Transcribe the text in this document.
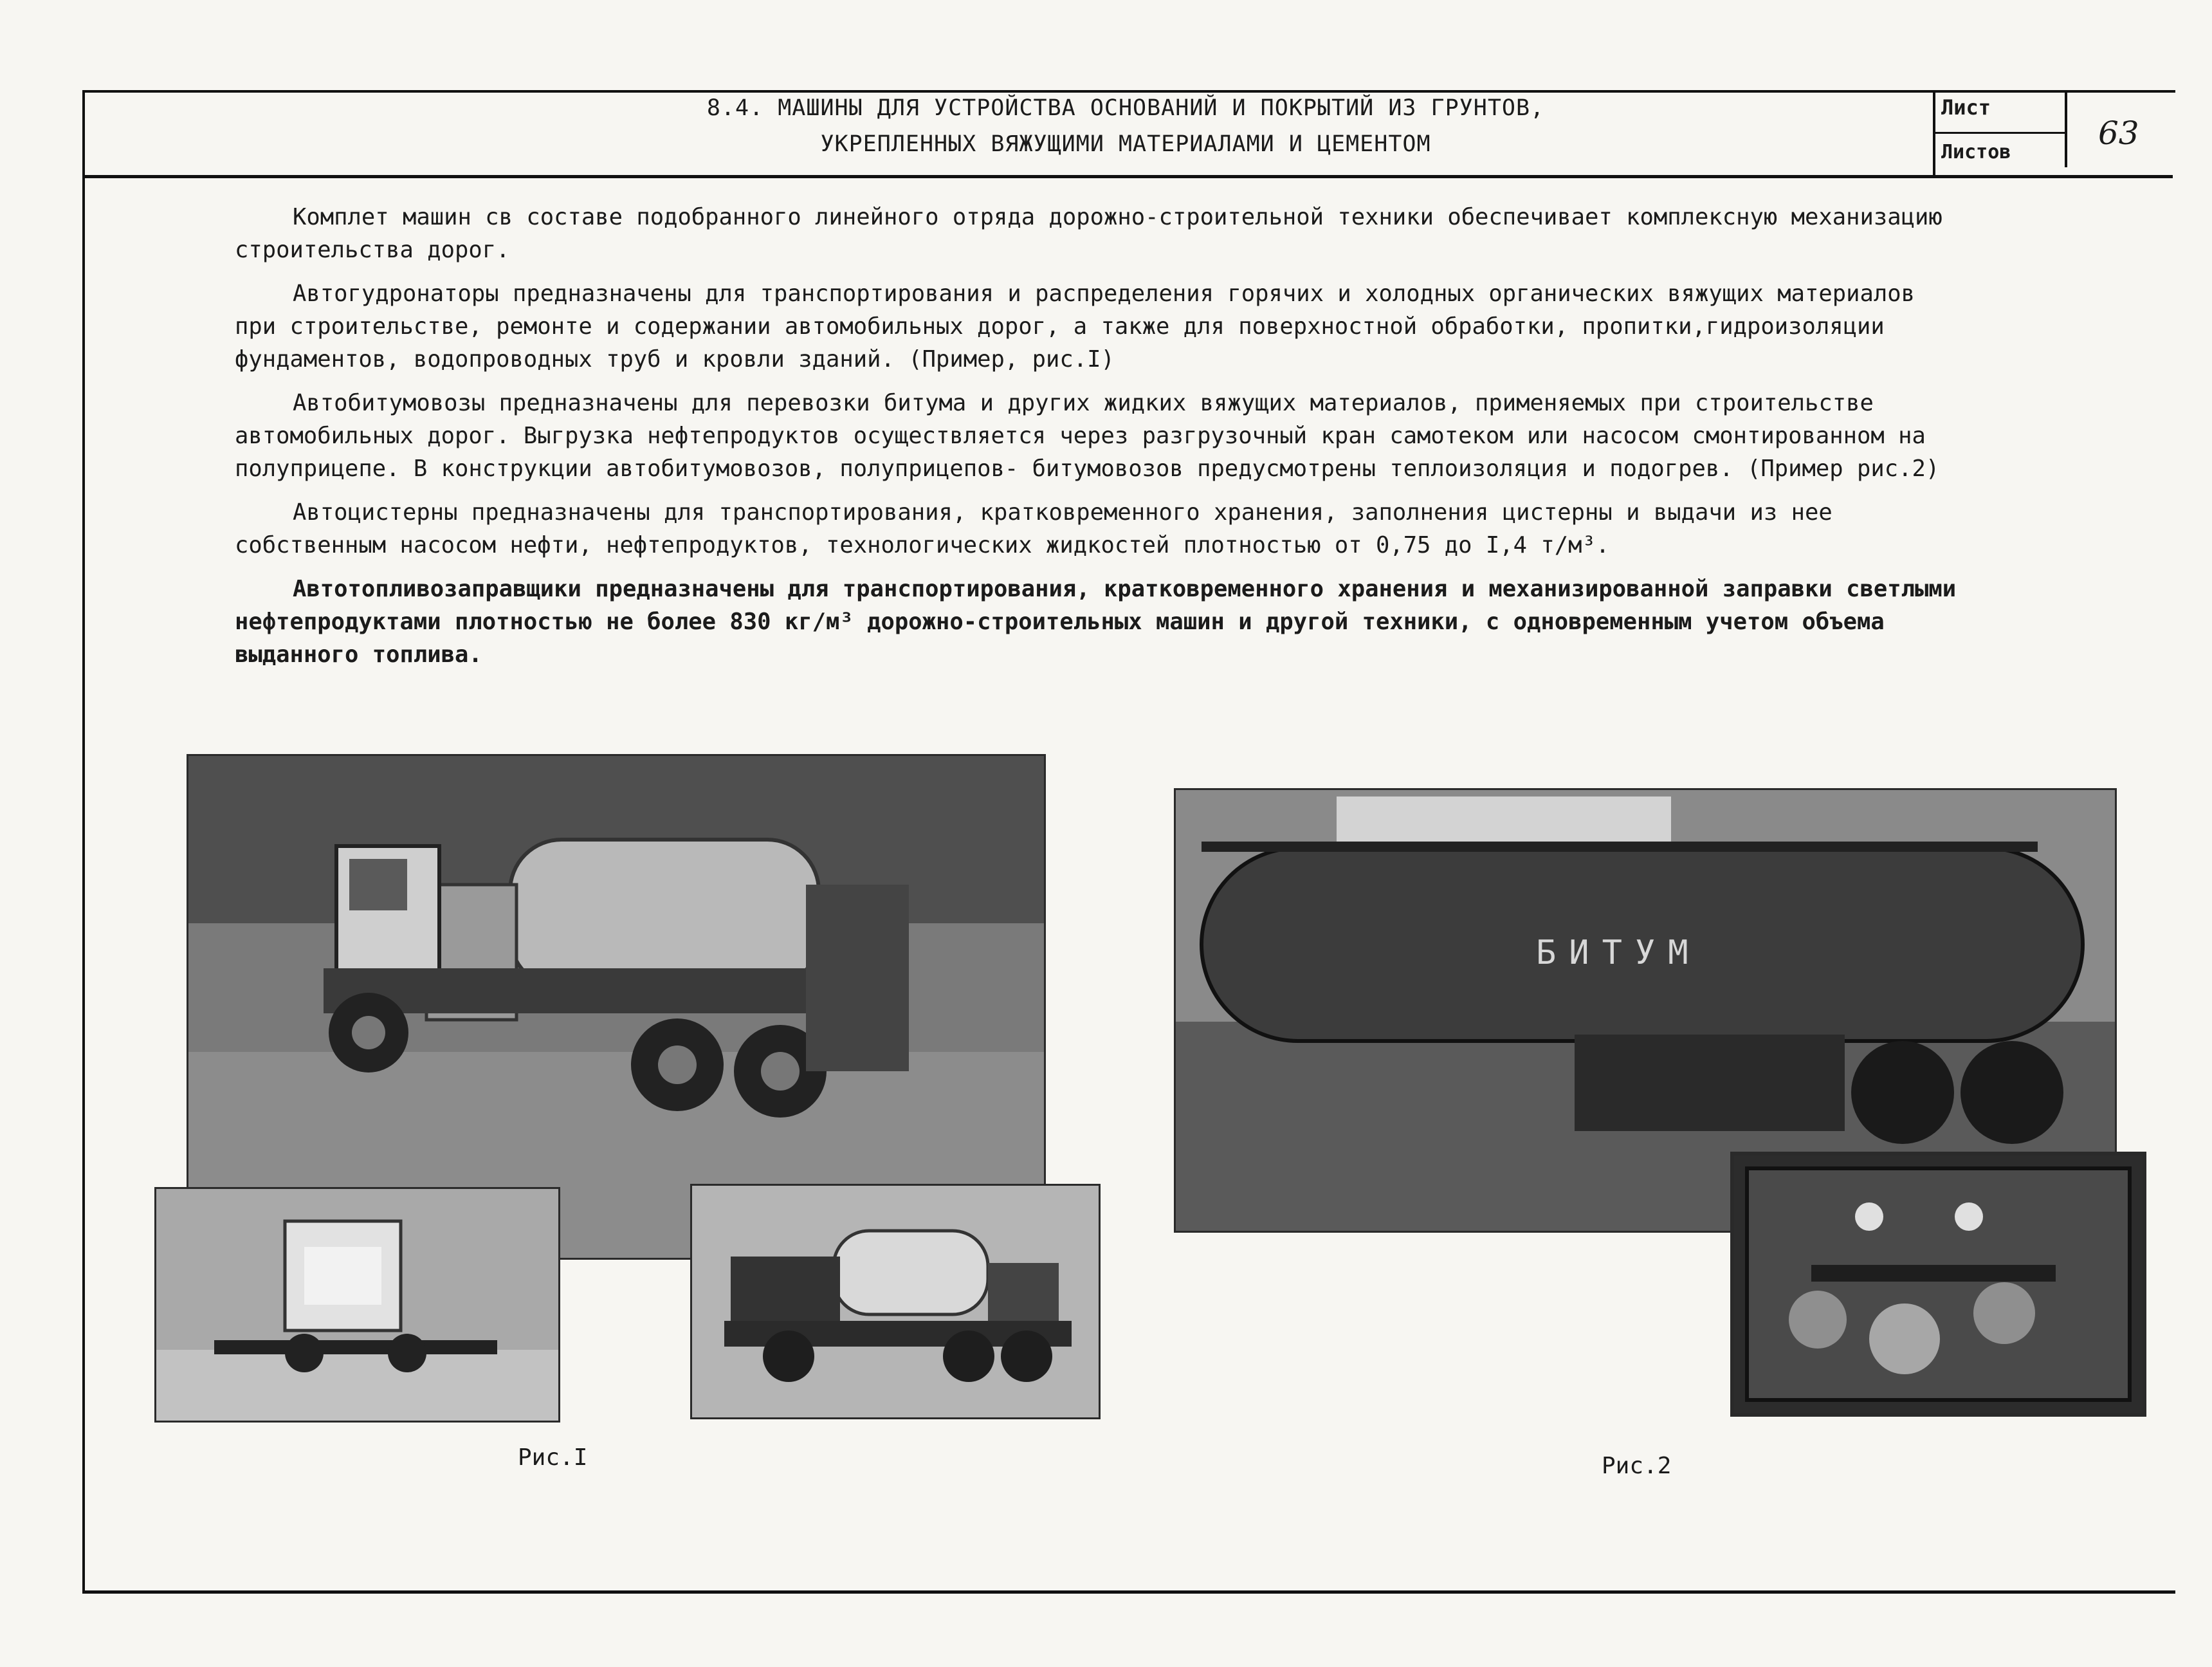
8.4. МАШИНЫ ДЛЯ УСТРОЙСТВА ОСНОВАНИЙ И ПОКРЫТИЙ ИЗ ГРУНТОВ,
УКРЕПЛЕННЫХ ВЯЖУЩИМИ МАТЕРИАЛАМИ И ЦЕМЕНТОМ
Лист
Листов
63

Комплет машин св составе подобранного линейного отряда дорожно-строительной техники обеспечивает комплексную механизацию строительства дорог.

Автогудронаторы предназначены для транспортирования и распределения горячих и холодных органических вяжущих материалов при строительстве, ремонте и содержании автомобильных дорог, а также для поверхностной обработки, пропитки,гидроизоляции фундаментов, водопроводных труб и кровли зданий. (Пример, рис.I)

Автобитумовозы предназначены для перевозки битума и других жидких вяжущих материалов, применяемых при строительстве автомобильных дорог. Выгрузка нефтепродуктов осуществляется через разгрузочный кран самотеком или насосом смонтированном на полуприцепе. В конструкции автобитумовозов, полуприцепов- битумовозов предусмотрены теплоизоляция и подогрев. (Пример рис.2)

Автоцистерны предназначены для транспортирования, кратковременного хранения, заполнения цистерны и выдачи из нее собственным насосом нефти, нефтепродуктов, технологических жидкостей плотностью от 0,75 до I,4 т/м³.

Автотопливозаправщики предназначены для транспортирования, кратковременного хранения и механизированной заправки светлыми нефтепродуктами плотностью не более 830 кг/м³ дорожно-строительных машин и другой техники, с одновременным учетом объема выданного топлива.

БИТУМ
Рис.I	Рис.2
